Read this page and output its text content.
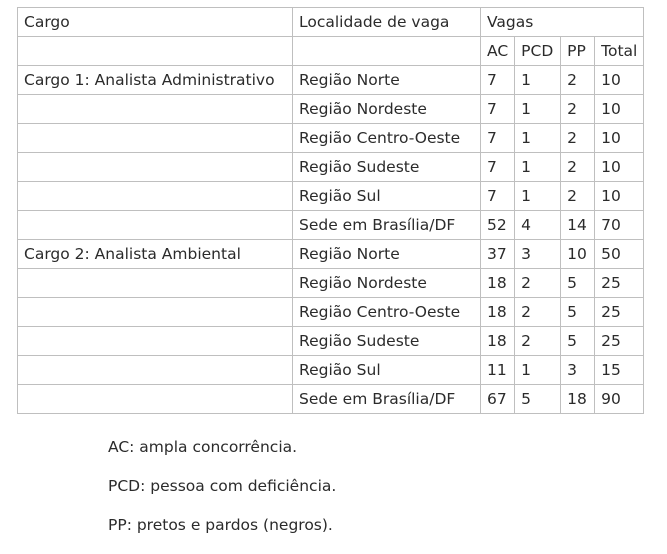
Cargo	Localidade de vaga	Vagas			
		AC	PCD	PP	Total
Cargo 1: Analista Administrativo	Região Norte	7	1	2	10
	Região Nordeste	7	1	2	10
	Região Centro-Oeste	7	1	2	10
	Região Sudeste	7	1	2	10
	Região Sul	7	1	2	10
	Sede em Brasília/DF	52	4	14	70
Cargo 2: Analista Ambiental	Região Norte	37	3	10	50
	Região Nordeste	18	2	5	25
	Região Centro-Oeste	18	2	5	25
	Região Sudeste	18	2	5	25
	Região Sul	11	1	3	15
	Sede em Brasília/DF	67	5	18	90

AC: ampla concorrência.

PCD: pessoa com deficiência.

PP: pretos e pardos (negros).
